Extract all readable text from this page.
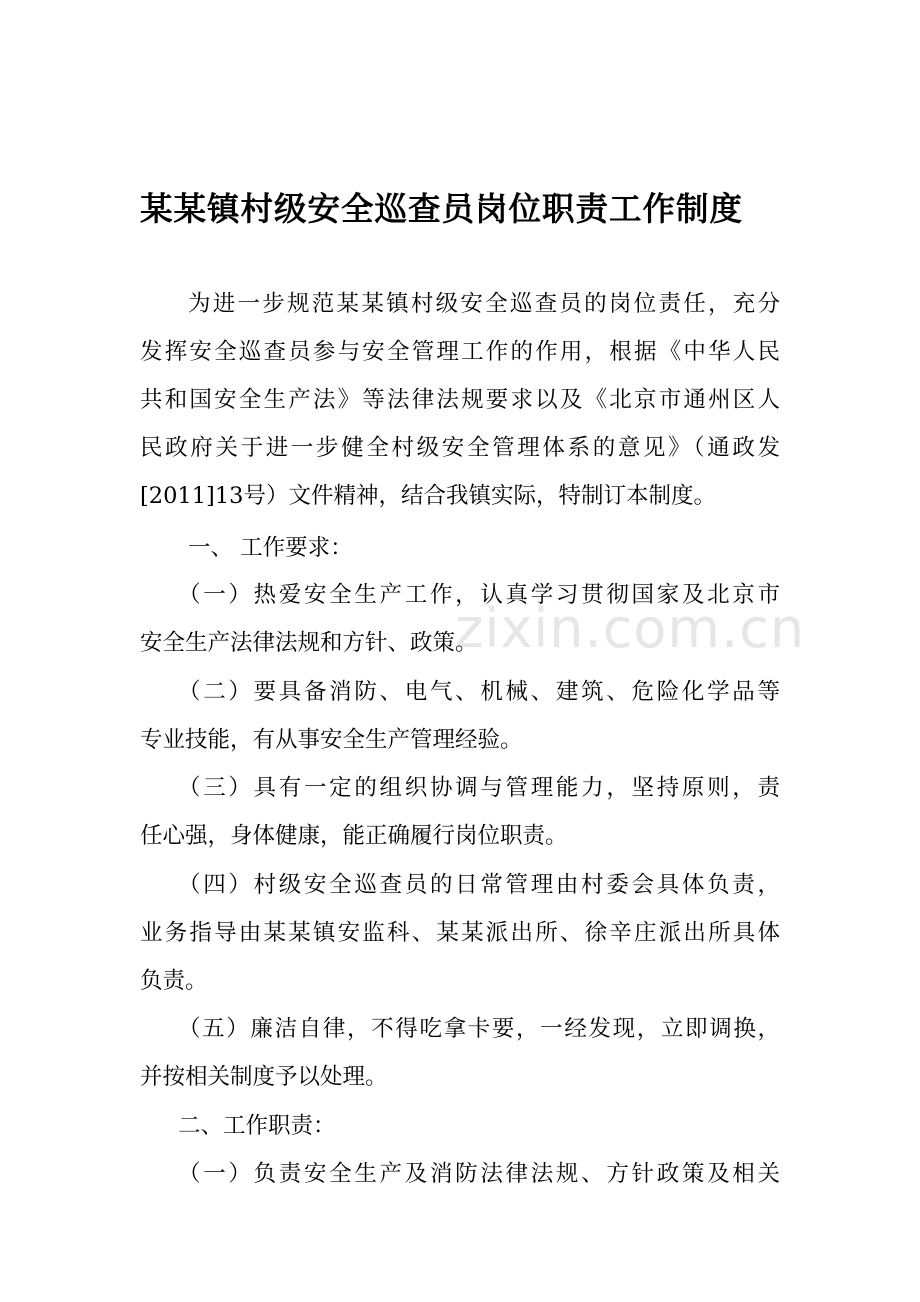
zixin.com.cn
某某镇村级安全巡查员岗位职责工作制度

为进一步规范某某镇村级安全巡查员的岗位责任，充分

发挥安全巡查员参与安全管理工作的作用，根据《中华人民

共和国安全生产法》等法律法规要求以及《北京市通州区人

民政府关于进一步健全村级安全管理体系的意见》（通政发

[2011]13号）文件精神，结合我镇实际，特制订本制度。

一、 工作要求：

（一）热爱安全生产工作，认真学习贯彻国家及北京市

安全生产法律法规和方针、政策。

（二）要具备消防、电气、机械、建筑、危险化学品等

专业技能，有从事安全生产管理经验。

（三）具有一定的组织协调与管理能力，坚持原则，责

任心强，身体健康，能正确履行岗位职责。

（四）村级安全巡查员的日常管理由村委会具体负责，

业务指导由某某镇安监科、某某派出所、徐辛庄派出所具体

负责。

（五）廉洁自律，不得吃拿卡要，一经发现，立即调换，

并按相关制度予以处理。

二、工作职责：

（一）负责安全生产及消防法律法规、方针政策及相关
